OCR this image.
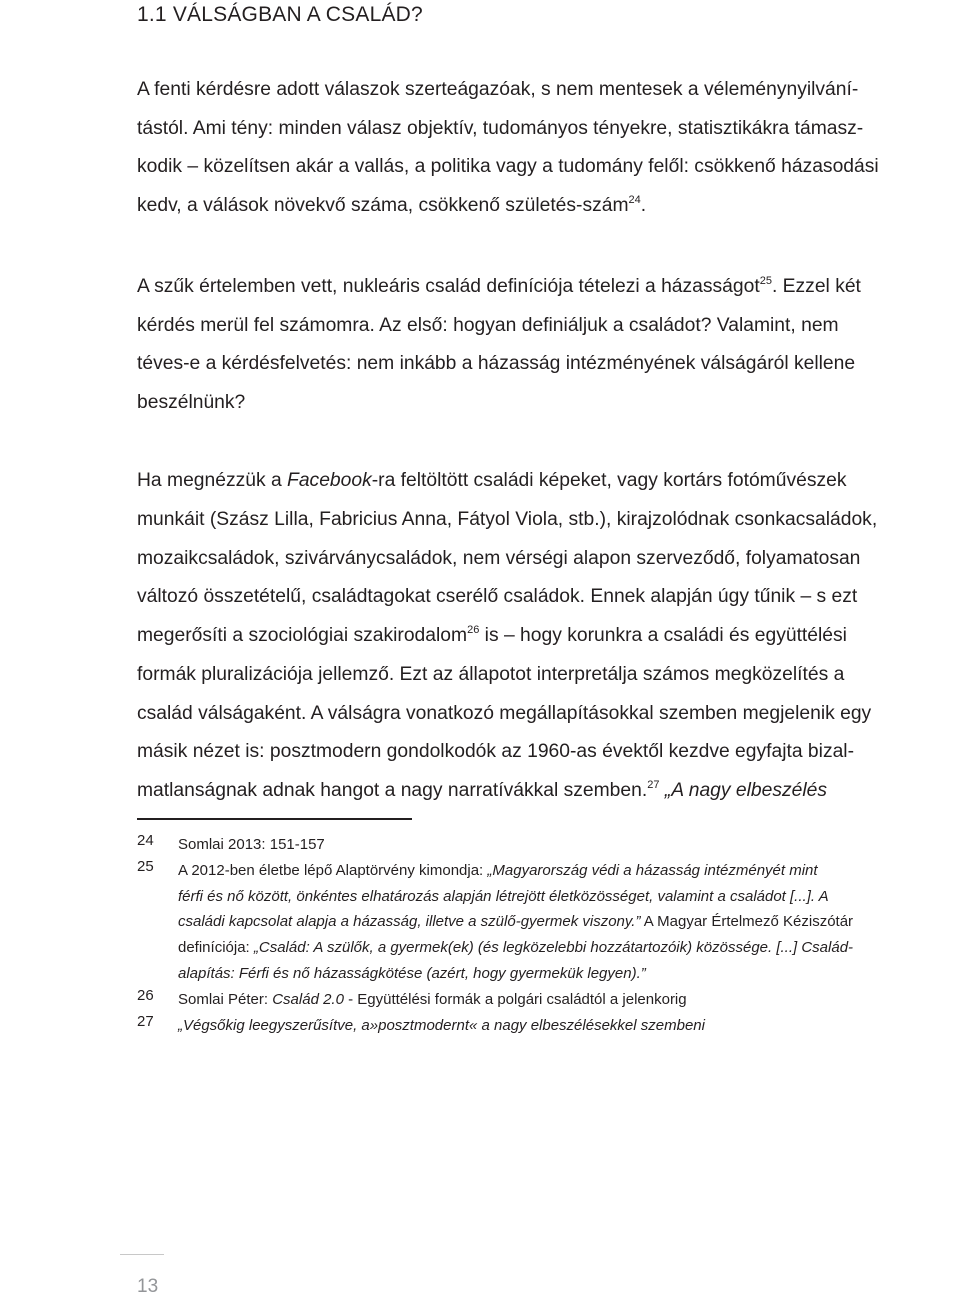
1.1 VÁLSÁGBAN A CSALÁD?
A fenti kérdésre adott válaszok szerteágazóak, s nem mentesek a véleménynyilvání-
tástól. Ami tény: minden válasz objektív, tudományos tényekre, statisztikákra támasz-
kodik – közelítsen akár a vallás, a politika vagy a tudomány felől: csökkenő házasodási
kedv, a válások növekvő száma, csökkenő születés-szám$^{24}$.
A szűk értelemben vett, nukleáris család definíciója tételezi a házasságot$^{25}$. Ezzel két
kérdés merül fel számomra. Az első: hogyan definiáljuk a családot? Valamint, nem
téves-e a kérdésfelvetés: nem inkább a házasság intézményének válságáról kellene
beszélnünk?
Ha megnézzük a Facebook-ra feltöltött családi képeket, vagy kortárs fotóművészek
munkáit (Szász Lilla, Fabricius Anna, Fátyol Viola, stb.), kirajzolódnak csonkacsaládok,
mozaikcsaládok, szivárványcsaládok, nem vérségi alapon szerveződő, folyamatosan
változó összetételű, családtagokat cserélő családok. Ennek alapján úgy tűnik – s ezt
megerősíti a szociológiai szakirodalom$^{26}$ is – hogy korunkra a családi és együttélési
formák pluralizációja jellemző. Ezt az állapotot interpretálja számos megközelítés a
család válságaként. A válságra vonatkozó megállapításokkal szemben megjelenik egy
másik nézet is: posztmodern gondolkodók az 1960-as évektől kezdve egyfajta bizal-
matlanságnak adnak hangot a nagy narratívákkal szemben.$^{27}$ „A nagy elbeszélés
24	Somlai 2013: 151-157
25	A 2012-ben életbe lépő Alaptörvény kimondja: „Magyarország védi a házasság intézményét mint
férfi és nő között, önkéntes elhatározás alapján létrejött életközösséget, valamint a családot [...]. A
családi kapcsolat alapja a házasság, illetve a szülő-gyermek viszony.” A Magyar Értelmező Kéziszótár
definíciója: „Család: A szülők, a gyermek(ek) (és legközelebbi hozzátartozóik) közössége. [...] Család-
alapítás: Férfi és nő házasságkötése (azért, hogy gyermekük legyen).”
26	Somlai Péter: Család 2.0 - Együttélési formák a polgári családtól a jelenkorig
27	„Végsőkig leegyszerűsítve, a»posztmodernt« a nagy elbeszélésekkel szembeni
13
